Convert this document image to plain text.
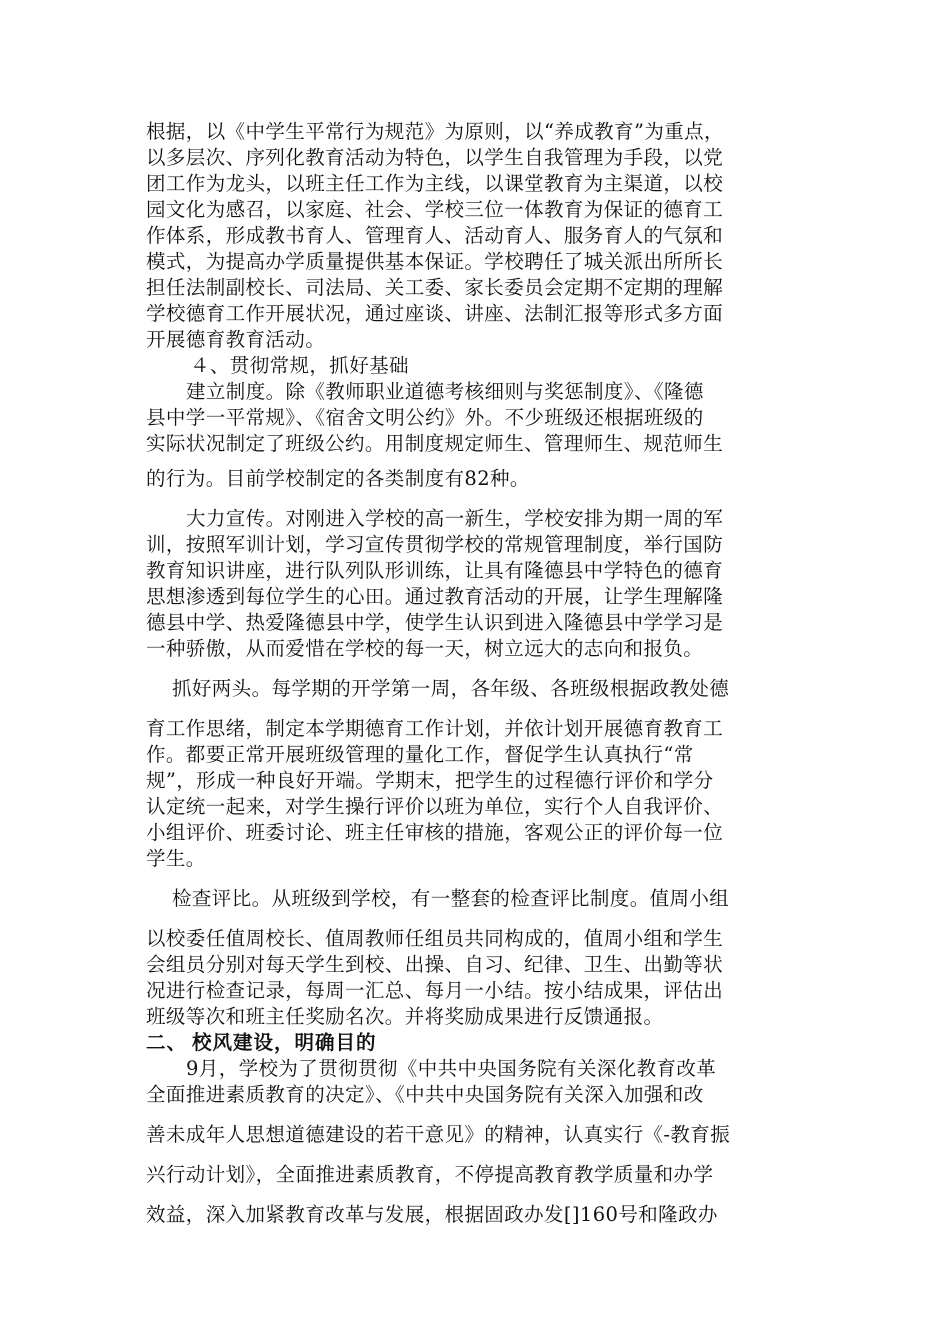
根据，以《中学生平常行为规范》为原则，以“养成教育”为重点，
以多层次、序列化教育活动为特色，以学生自我管理为手段，以党
团工作为龙头，以班主任工作为主线，以课堂教育为主渠道，以校
园文化为感召，以家庭、社会、学校三位一体教育为保证的德育工
作体系，形成教书育人、管理育人、活动育人、服务育人的气氛和
模式，为提高办学质量提供基本保证。学校聘任了城关派出所所长
担任法制副校长、司法局、关工委、家长委员会定期不定期的理解
学校德育工作开展状况，通过座谈、讲座、法制汇报等形式多方面
开展德育教育活动。
４、贯彻常规，抓好基础
建立制度。除《教师职业道德考核细则与奖惩制度》、《隆德
县中学一平常规》、《宿舍文明公约》外。不少班级还根据班级的
实际状况制定了班级公约。用制度规定师生、管理师生、规范师生
的行为。目前学校制定的各类制度有82种。
大力宣传。对刚进入学校的高一新生，学校安排为期一周的军
训，按照军训计划，学习宣传贯彻学校的常规管理制度，举行国防
教育知识讲座，进行队列队形训练，让具有隆德县中学特色的德育
思想渗透到每位学生的心田。通过教育活动的开展，让学生理解隆
德县中学、热爱隆德县中学，使学生认识到进入隆德县中学学习是
一种骄傲，从而爱惜在学校的每一天，树立远大的志向和报负。
抓好两头。每学期的开学第一周，各年级、各班级根据政教处德
育工作思绪，制定本学期德育工作计划，并依计划开展德育教育工
作。都要正常开展班级管理的量化工作，督促学生认真执行“常
规”，形成一种良好开端。学期末，把学生的过程德行评价和学分
认定统一起来，对学生操行评价以班为单位，实行个人自我评价、
小组评价、班委讨论、班主任审核的措施，客观公正的评价每一位
学生。
检查评比。从班级到学校，有一整套的检查评比制度。值周小组
以校委任值周校长、值周教师任组员共同构成的，值周小组和学生
会组员分别对每天学生到校、出操、自习、纪律、卫生、出勤等状
况进行检查记录，每周一汇总、每月一小结。按小结成果，评估出
班级等次和班主任奖励名次。并将奖励成果进行反馈通报。
二、 校风建设，明确目的
9月，学校为了贯彻贯彻《中共中央国务院有关深化教育改革
全面推进素质教育的决定》、《中共中央国务院有关深入加强和改
善未成年人思想道德建设的若干意见》的精神，认真实行《-教育振
兴行动计划》，全面推进素质教育，不停提高教育教学质量和办学
效益，深入加紧教育改革与发展，根据固政办发[]160号和隆政办
